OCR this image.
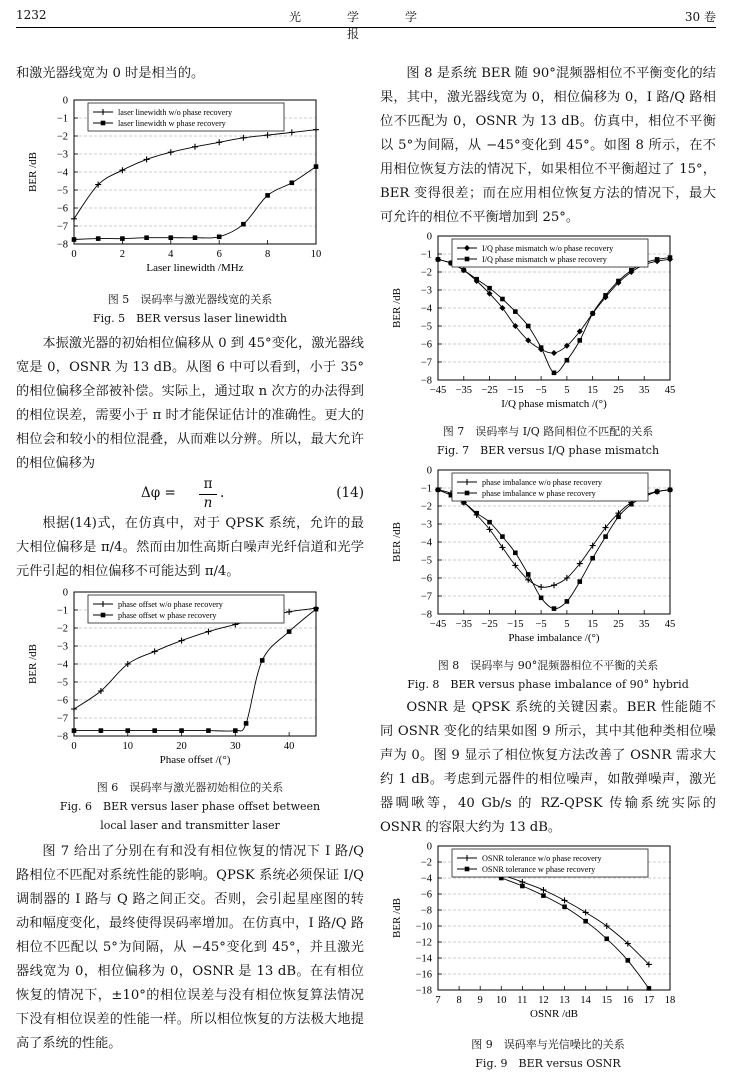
1232	光学学报
30 卷

和激光器线宽为 0 时是相当的。

0
−1
−2
−3
−4
−5
−6
−7
−8
0	2	4	6	8	10
Laser linewidth /MHz
BER /dB
laser linewidth w/o phase recovery
laser linewidth w phase recovery
图 5　误码率与激光器线宽的关系
Fig. 5　BER versus laser linewidth

本振激光器的初始相位偏移从 0 到 45°变化，激光器线宽是 0，OSNR 为 13 dB。从图 6 中可以看到，小于 35°的相位偏移全部被补偿。实际上，通过取 n 次方的办法得到的相位误差，需要小于 π 时才能保证估计的准确性。更大的相位会和较小的相位混叠，从而难以分辨。所以，最大允许的相位偏移为

Δφ =
π
n
.	(14)

根据(14)式，在仿真中，对于 QPSK 系统，允许的最大相位偏移是 π/4。然而由加性高斯白噪声光纤信道和光学元件引起的相位偏移不可能达到 π/4。

0
−1
−2
−3
−4
−5
−6
−7
−8
0	10	20	30	40
Phase offset /(°)
BER /dB
phase offset w/o phase recovery
phase offset w phase recovery
图 6　误码率与激光器初始相位的关系
Fig. 6　BER versus laser phase offset between
local laser and transmitter laser

图 7 给出了分别在有和没有相位恢复的情况下 I 路/Q 路相位不匹配对系统性能的影响。QPSK 系统必须保证 I/Q 调制器的 I 路与 Q 路之间正交。否则，会引起星座图的转动和幅度变化，最终使得误码率增加。在仿真中，I 路/Q 路相位不匹配以 5°为间隔，从 −45°变化到 45°，并且激光器线宽为 0，相位偏移为 0，OSNR 是 13 dB。在有相位恢复的情况下，±10°的相位误差与没有相位恢复算法情况下没有相位误差的性能一样。所以相位恢复的方法极大地提高了系统的性能。

图 8 是系统 BER 随 90°混频器相位不平衡变化的结果，其中，激光器线宽为 0，相位偏移为 0，I 路/Q 路相位不匹配为 0，OSNR 为 13 dB。仿真中，相位不平衡以 5°为间隔，从 −45°变化到 45°。如图 8 所示，在不用相位恢复方法的情况下，如果相位不平衡超过了 15°，BER 变得很差；而在应用相位恢复方法的情况下，最大可允许的相位不平衡增加到 25°。

0
−1
−2
−3
−4
−5
−6
−7
−8
−45 −35 −25 −15 −5 5 15 25 35 45
I/Q phase mismatch /(°)
BER /dB
I/Q phase mismatch w/o phase recovery
I/Q phase mismatch w phase recovery
图 7　误码率与 I/Q 路间相位不匹配的关系
Fig. 7　BER versus I/Q phase mismatch
0
−1
−2
−3
−4
−5
−6
−7
−8
−45 −35 −25 −15 −5 5 15 25 35 45
Phase imbalance /(°)
BER /dB
phase imbalance w/o phase recovery
phase imbalance w phase recovery
图 8　误码率与 90°混频器相位不平衡的关系
Fig. 8　BER versus phase imbalance of 90° hybrid

OSNR 是 QPSK 系统的关键因素。BER 性能随不同 OSNR 变化的结果如图 9 所示，其中其他种类相位噪声为 0。图 9 显示了相位恢复方法改善了 OSNR 需求大约 1 dB。考虑到元器件的相位噪声，如散弹噪声，激光器啁啾等，40 Gb/s 的 RZ-QPSK 传输系统实际的 OSNR 的容限大约为 13 dB。

0
−2
−4
−6
−8
−10
−12
−14
−16
−18
7 8 9 10 11 12 13 14 15 16 17 18
OSNR /dB
BER /dB
OSNR tolerance w/o phase recovery
OSNR tolerance w phase recovery
图 9　误码率与光信噪比的关系
Fig. 9　BER versus OSNR
